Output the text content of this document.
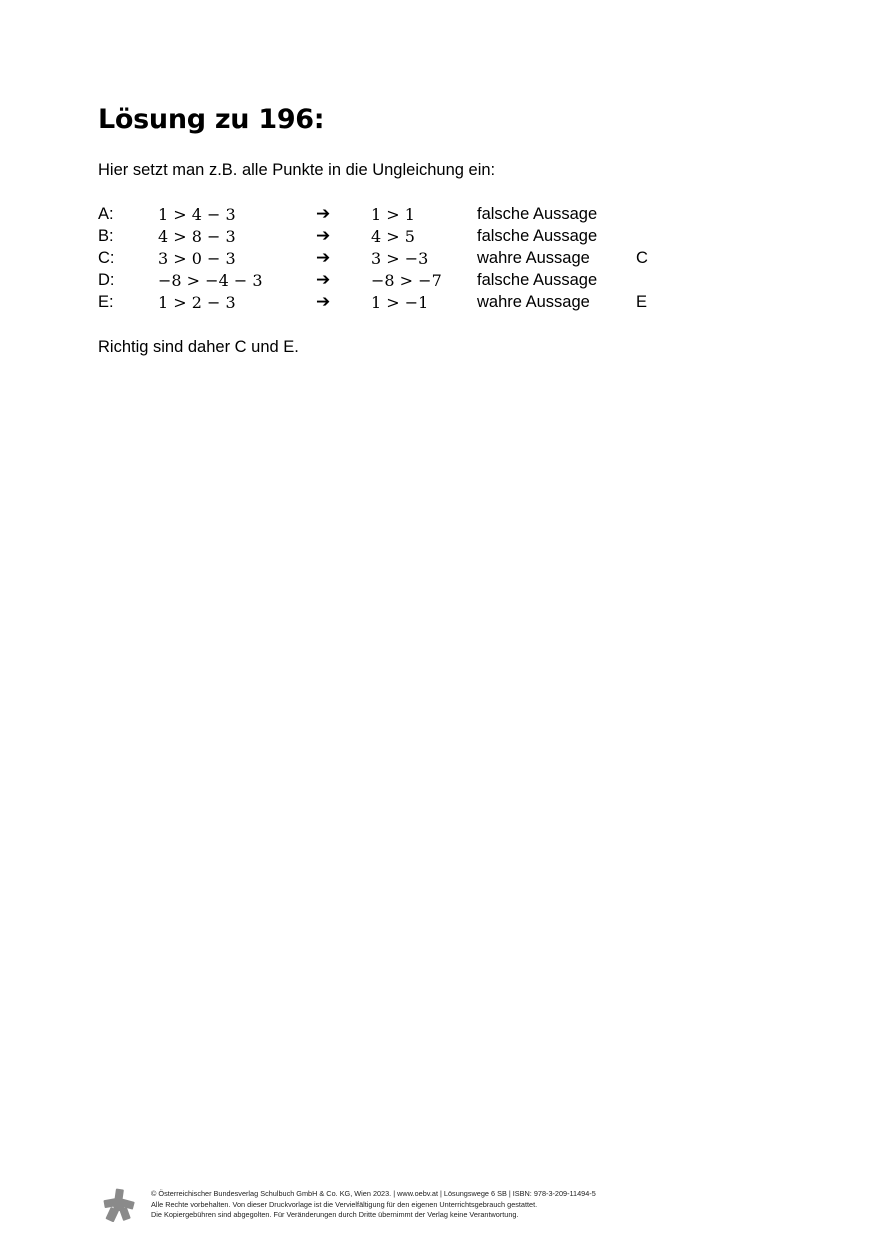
Lösung zu 196:
Hier setzt man z.B. alle Punkte in die Ungleichung ein:
A:	1 > 4 − 3	➔	1 > 1	falsche Aussage
B:	4 > 8 − 3	➔	4 > 5	falsche Aussage
C:	3 > 0 − 3	➔	3 > −3	wahre Aussage	C
D:	−8 > −4 − 3	➔	−8 > −7 falsche Aussage
E:	1 > 2 − 3	➔	1 > −1	wahre Aussage	E
Richtig sind daher C und E.
© Österreichischer Bundesverlag Schulbuch GmbH & Co. KG, Wien 2023. | www.oebv.at | Lösungswege 6 SB | ISBN: 978-3-209-11494-5
Alle Rechte vorbehalten. Von dieser Druckvorlage ist die Vervielfältigung für den eigenen Unterrichtsgebrauch gestattet.
Die Kopiergebühren sind abgegolten. Für Veränderungen durch Dritte übernimmt der Verlag keine Verantwortung.
